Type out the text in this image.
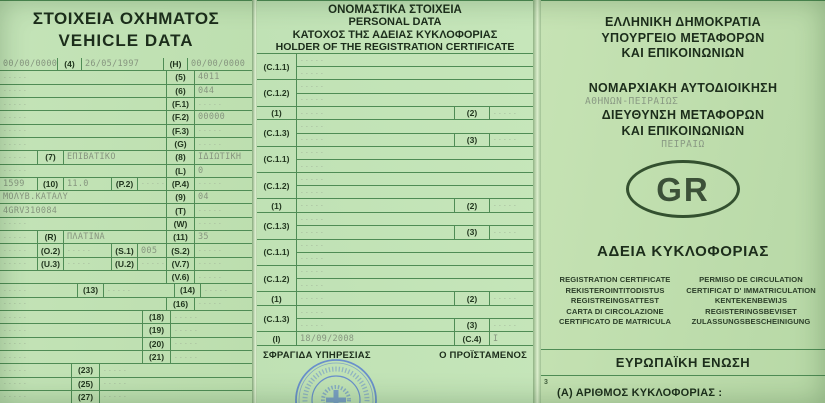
ΣΤΟΙΧΕΙΑ ΟΧΗΜΑΤΟΣ
VEHICLE DATA
00/00/0000 (4)	26/05/1997	(H)	00/00/0000
-----	(5)	4011
-----	(6)	044
-----	(F.1)	-----
-----	(F.2)	00000
-----	(F.3)	-----
-----	(G)	-----
-----	(7)	ΕΠΙΒΑΤΙΚΟ	(8)	ΙΔΙΩΤΙΚΗ
-----	(L)	0
1599	(10)	11.0	(P.2)	----- (P.4)	-----
ΜΟΛΥΒ.ΚΑΤΑΛΥ	(9)	04
4GRV310084	(T)	-----
-----	(W)	-----
-----	(R)	ΠΛΑΤΙΝΑ	(11)	35
-----	(O.2)	-----	(S.1) 005	(S.2)	-----
-----	(U.3)	-----	(U.2)	----- (V.7)	-----
(V.6)	-----
-----	(13)	-----	(14)	-----
-----	(16)	-----
-----	(18)	-----
-----	(19)	-----
-----	(20)	-----
-----	(21)	-----
-----	(23)	-----
-----	(25)	-----
-----	(27)	-----
ΟΝΟΜΑΣΤΙΚΑ ΣΤΟΙΧΕΙΑ
PERSONAL DATA
ΚΑΤΟΧΟΣ ΤΗΣ ΑΔΕΙΑΣ ΚΥΚΛΟΦΟΡΙΑΣ
HOLDER OF THE REGISTRATION CERTIFICATE
(C.1.1)
-----
-----
(C.1.2)
-----
-----
(1)	-----	(2)	-----
(C.1.3)
-----
-----	(3)	-----
(C.1.1)
-----
-----
(C.1.2)
-----
-----
(1)	-----	(2)	-----
(C.1.3)
-----
-----	(3)	-----
(C.1.1)
-----
-----
(C.1.2)
-----
-----
(1)	-----	(2)	-----
(C.1.3)
-----
-----	(3)	-----
(I)	18/09/2008	(C.4)	I
ΣΦΡΑΓΙΔΑ ΥΠΗΡΕΣΙΑΣ	Ο ΠΡΟΪΣΤΑΜΕΝΟΣ
ΕΛΛΗΝΙΚΗ ΔΗΜΟΚΡΑΤΙΑ
ΥΠΟΥΡΓΕΙΟ ΜΕΤΑΦΟΡΩΝ
ΚΑΙ ΕΠΙΚΟΙΝΩΝΙΩΝ
ΝΟΜΑΡΧΙΑΚΗ ΑΥΤΟΔΙΟΙΚΗΣΗ
ΑΘΗΝΩΝ-ΠΕΙΡΑΙΩΣ
ΔΙΕΥΘΥΝΣΗ ΜΕΤΑΦΟΡΩΝ
ΚΑΙ ΕΠΙΚΟΙΝΩΝΙΩΝ
ΠΕΙΡΑΙΩ
GR
ΑΔΕΙΑ ΚΥΚΛΟΦΟΡΙΑΣ
REGISTRATION CERTIFICATE
REKISTEROINTITODISTUS
REGISTREINGSATTEST
CARTA DI CIRCOLAZIONE
CERTIFICATO DE MATRICULA
PERMISO DE CIRCULATION
CERTIFICAT D' IMMATRICULATION
KENTEKENBEWIJS
REGISTERINGSBEVISET
ZULASSUNGSBESCHEINIGUNG
ΕΥΡΩΠΑΪΚΗ ΕΝΩΣΗ
3
(Α) ΑΡΙΘΜΟΣ ΚΥΚΛΟΦΟΡΙΑΣ :
